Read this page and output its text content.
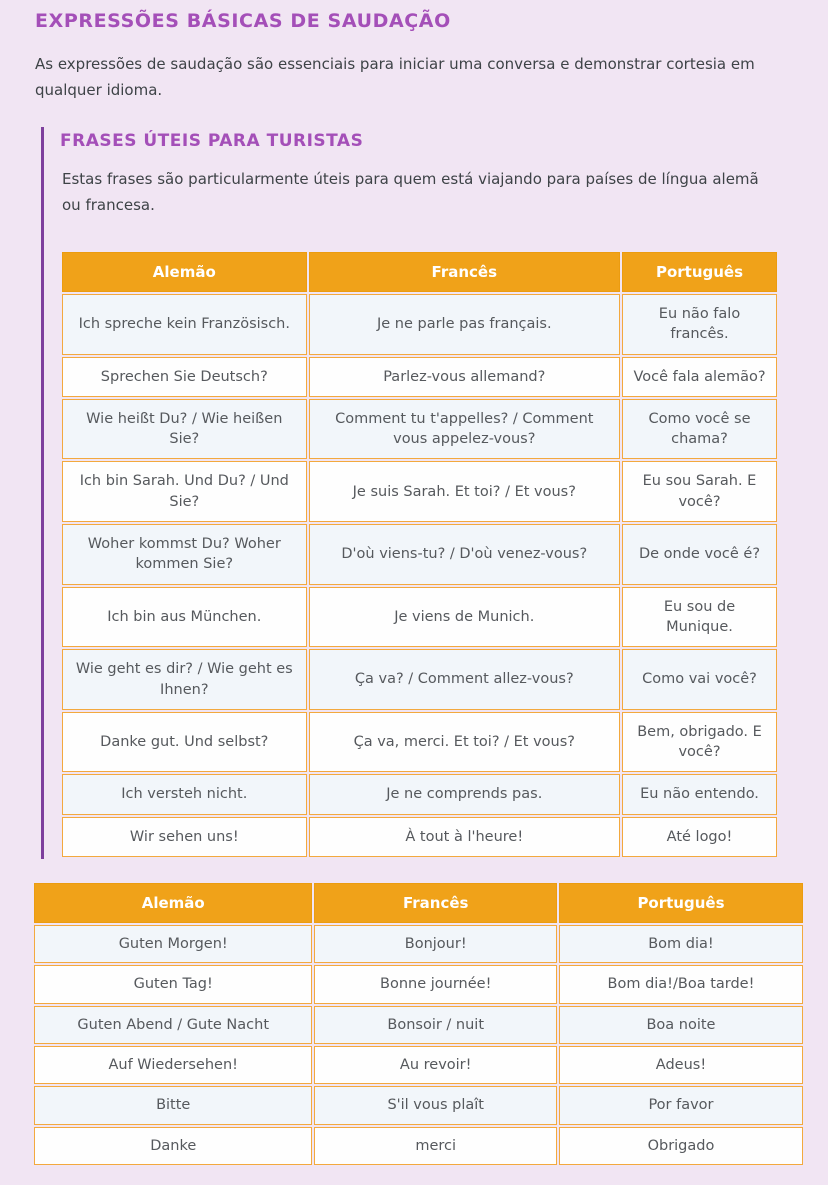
EXPRESSÕES BÁSICAS DE SAUDAÇÃO

As expressões de saudação são essenciais para iniciar uma conversa e demonstrar cortesia em qualquer idioma.

FRASES ÚTEIS PARA TURISTAS

Estas frases são particularmente úteis para quem está viajando para países de língua alemã ou francesa.

Alemão	Francês	Português
Ich spreche kein Französisch.	Je ne parle pas français.	Eu não falo francês.
Sprechen Sie Deutsch?	Parlez-vous allemand?	Você fala alemão?
Wie heißt Du? / Wie heißen Sie?	Comment tu t'appelles? / Comment vous appelez-vous?	Como você se chama?
Ich bin Sarah. Und Du? / Und Sie?	Je suis Sarah. Et toi? / Et vous?	Eu sou Sarah. E você?
Woher kommst Du? Woher kommen Sie?	D'où viens-tu? / D'où venez-vous?	De onde você é?
Ich bin aus München.	Je viens de Munich.	Eu sou de Munique.
Wie geht es dir? / Wie geht es Ihnen?	Ça va? / Comment allez-vous?	Como vai você?
Danke gut. Und selbst?	Ça va, merci. Et toi? / Et vous?	Bem, obrigado. E você?
Ich versteh nicht.	Je ne comprends pas.	Eu não entendo.
Wir sehen uns!	À tout à l'heure!	Até logo!
Alemão	Francês	Português
Guten Morgen!	Bonjour!	Bom dia!
Guten Tag!	Bonne journée!	Bom dia!/Boa tarde!
Guten Abend / Gute Nacht	Bonsoir / nuit	Boa noite
Auf Wiedersehen!	Au revoir!	Adeus!
Bitte	S'il vous plaît	Por favor
Danke	merci	Obrigado
